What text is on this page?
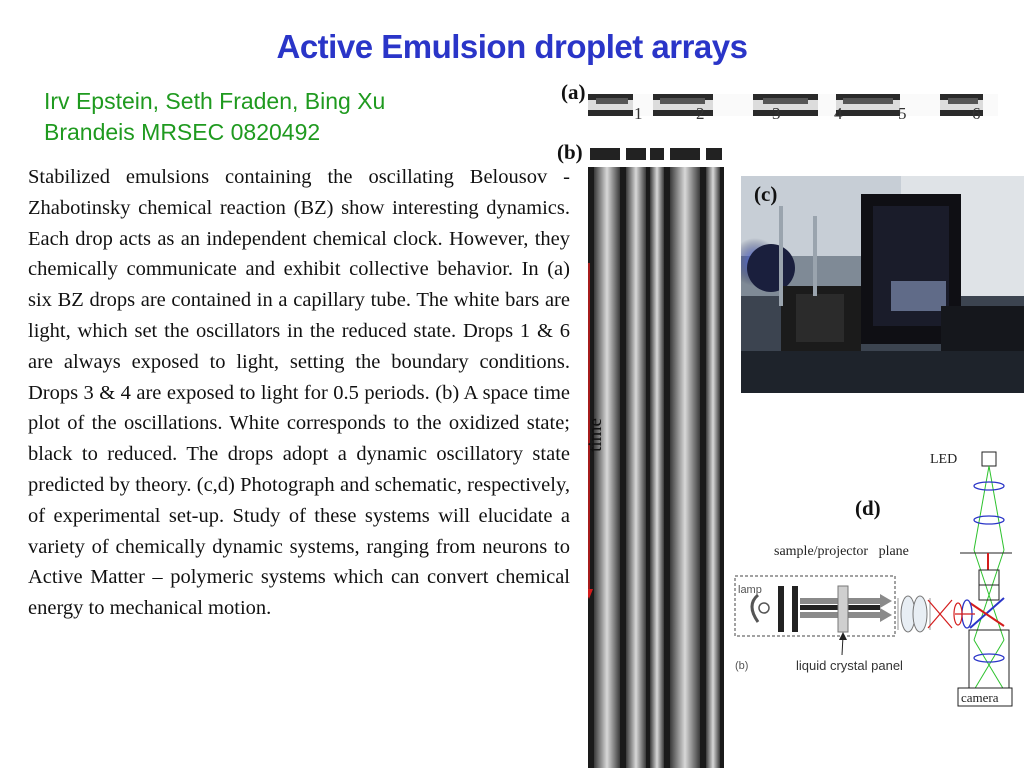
Active Emulsion droplet arrays
Irv Epstein, Seth Fraden, Bing Xu
Brandeis MRSEC 0820492

Stabilized emulsions containing the oscillating Belousov - Zhabotinsky chemical reaction (BZ) show interesting dynamics. Each drop acts as an independent chemical clock. However, they chemically communicate and exhibit collective behavior. In (a) six BZ drops are contained in a capillary tube. The white bars are light, which set the oscillators in the reduced state. Drops 1 & 6 are always exposed to light, setting the boundary conditions. Drops 3 & 4 are exposed to light for 0.5 periods. (b) A space time plot of the oscillations. White corresponds to the oxidized state; black to reduced. The drops adopt a dynamic oscillatory state predicted by theory. (c,d) Photograph and schematic, respectively, of experimental set-up. Study of these systems will elucidate a variety of chemically dynamic systems, ranging from neurons to Active Matter – polymeric systems which can convert chemical energy to mechanical motion.

(a)
(b)
(c)
(d)
1	2	3	4	5	6
time
LED
sample/projector   plane
lamp
(b)	liquid crystal panel
camera
